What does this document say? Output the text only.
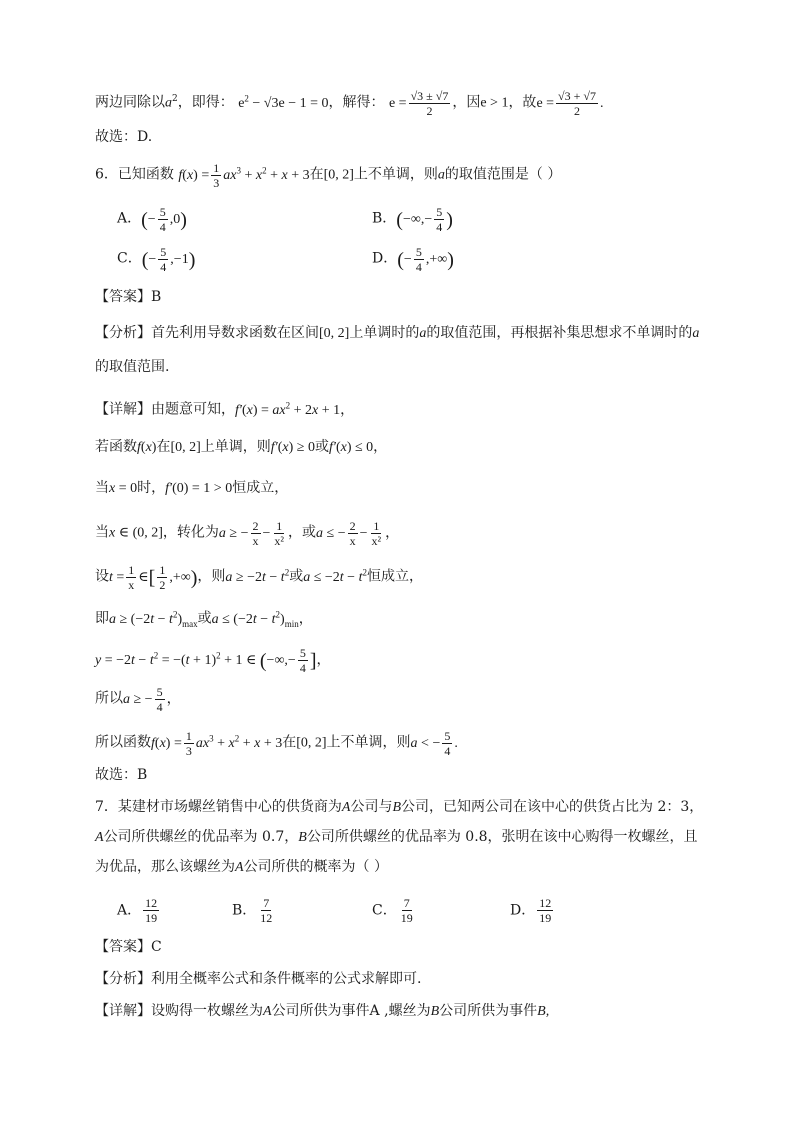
两边同除以$a^2$，即得： $e^2 - √3e - 1 = 0$，解得： $e = \frac{√3 \pm √7}{2}$ ，因e > 1，故$e = \frac{√3 + √7}{2}$ .
故选：D.
6．已知函数 $f(x) = \frac{1}{3} ax^3 + x^2 + x + 3$在[0, 2]上不单调，则a的取值范围是（ ）
A．(− $\frac{5}{4} ,0$)	B．(−∞,− $\frac{5}{4}$ )
C．(− $\frac{5}{4} ,-1$)	D．(− $\frac{5}{4}$ ,+∞)
【答案】B
【分析】首先利用导数求函数在区间[0, 2]上单调时的a的取值范围，再根据补集思想求不单调时的a
的取值范围.
【详解】由题意可知，$f'(x) = ax^2 + 2x + 1$，
若函数f(x)在[0, 2]上单调，则f′(x) ≥ 0或f′(x) ≤ 0，
当x = 0时，f′(0) = 1 > 0恒成立，
当x ∈ (0, 2]，转化为a ≥ − $\frac{2}{x} - \frac{1}{\text{x²}}$ ，或a ≤ − $\frac{2}{x} - \frac{1}{\text{x²}}$ ，
设$t = \frac{1}{x}$ ∈[ $\frac{1}{2}$ ,+∞)，则$a \ge -2t - t^2$或$a \le -2t - t^2$恒成立，
即$a \ge (-2t - t^2)_{max}$或$a \le (-2t - t^2)_{min}$，
$y = -2t - t^2 = -(t + 1)^2 + 1$ ∈ (−∞,− $\frac{5}{4}$ ]，
所以a ≥ − $\frac{5}{4}$ ，
所以函数$f(x) = \frac{1}{3} ax^3 + x^2 + x + 3$在[0, 2]上不单调，则a < − $\frac{5}{4}$ .
故选：B
7．某建材市场螺丝销售中心的供货商为A公司与B公司，已知两公司在该中心的供货占比为 2：3，
A公司所供螺丝的优品率为 0.7，B公司所供螺丝的优品率为 0.8，张明在该中心购得一枚螺丝，且
为优品，那么该螺丝为A公司所供的概率为（ ）
A． $\frac{12}{19}$	B． $\frac{7}{12}$	C． $\frac{7}{19}$	D． $\frac{12}{19}$
【答案】C
【分析】利用全概率公式和条件概率的公式求解即可.
【详解】设购得一枚螺丝为A公司所供为事件A ,螺丝为B公司所供为事件B,
